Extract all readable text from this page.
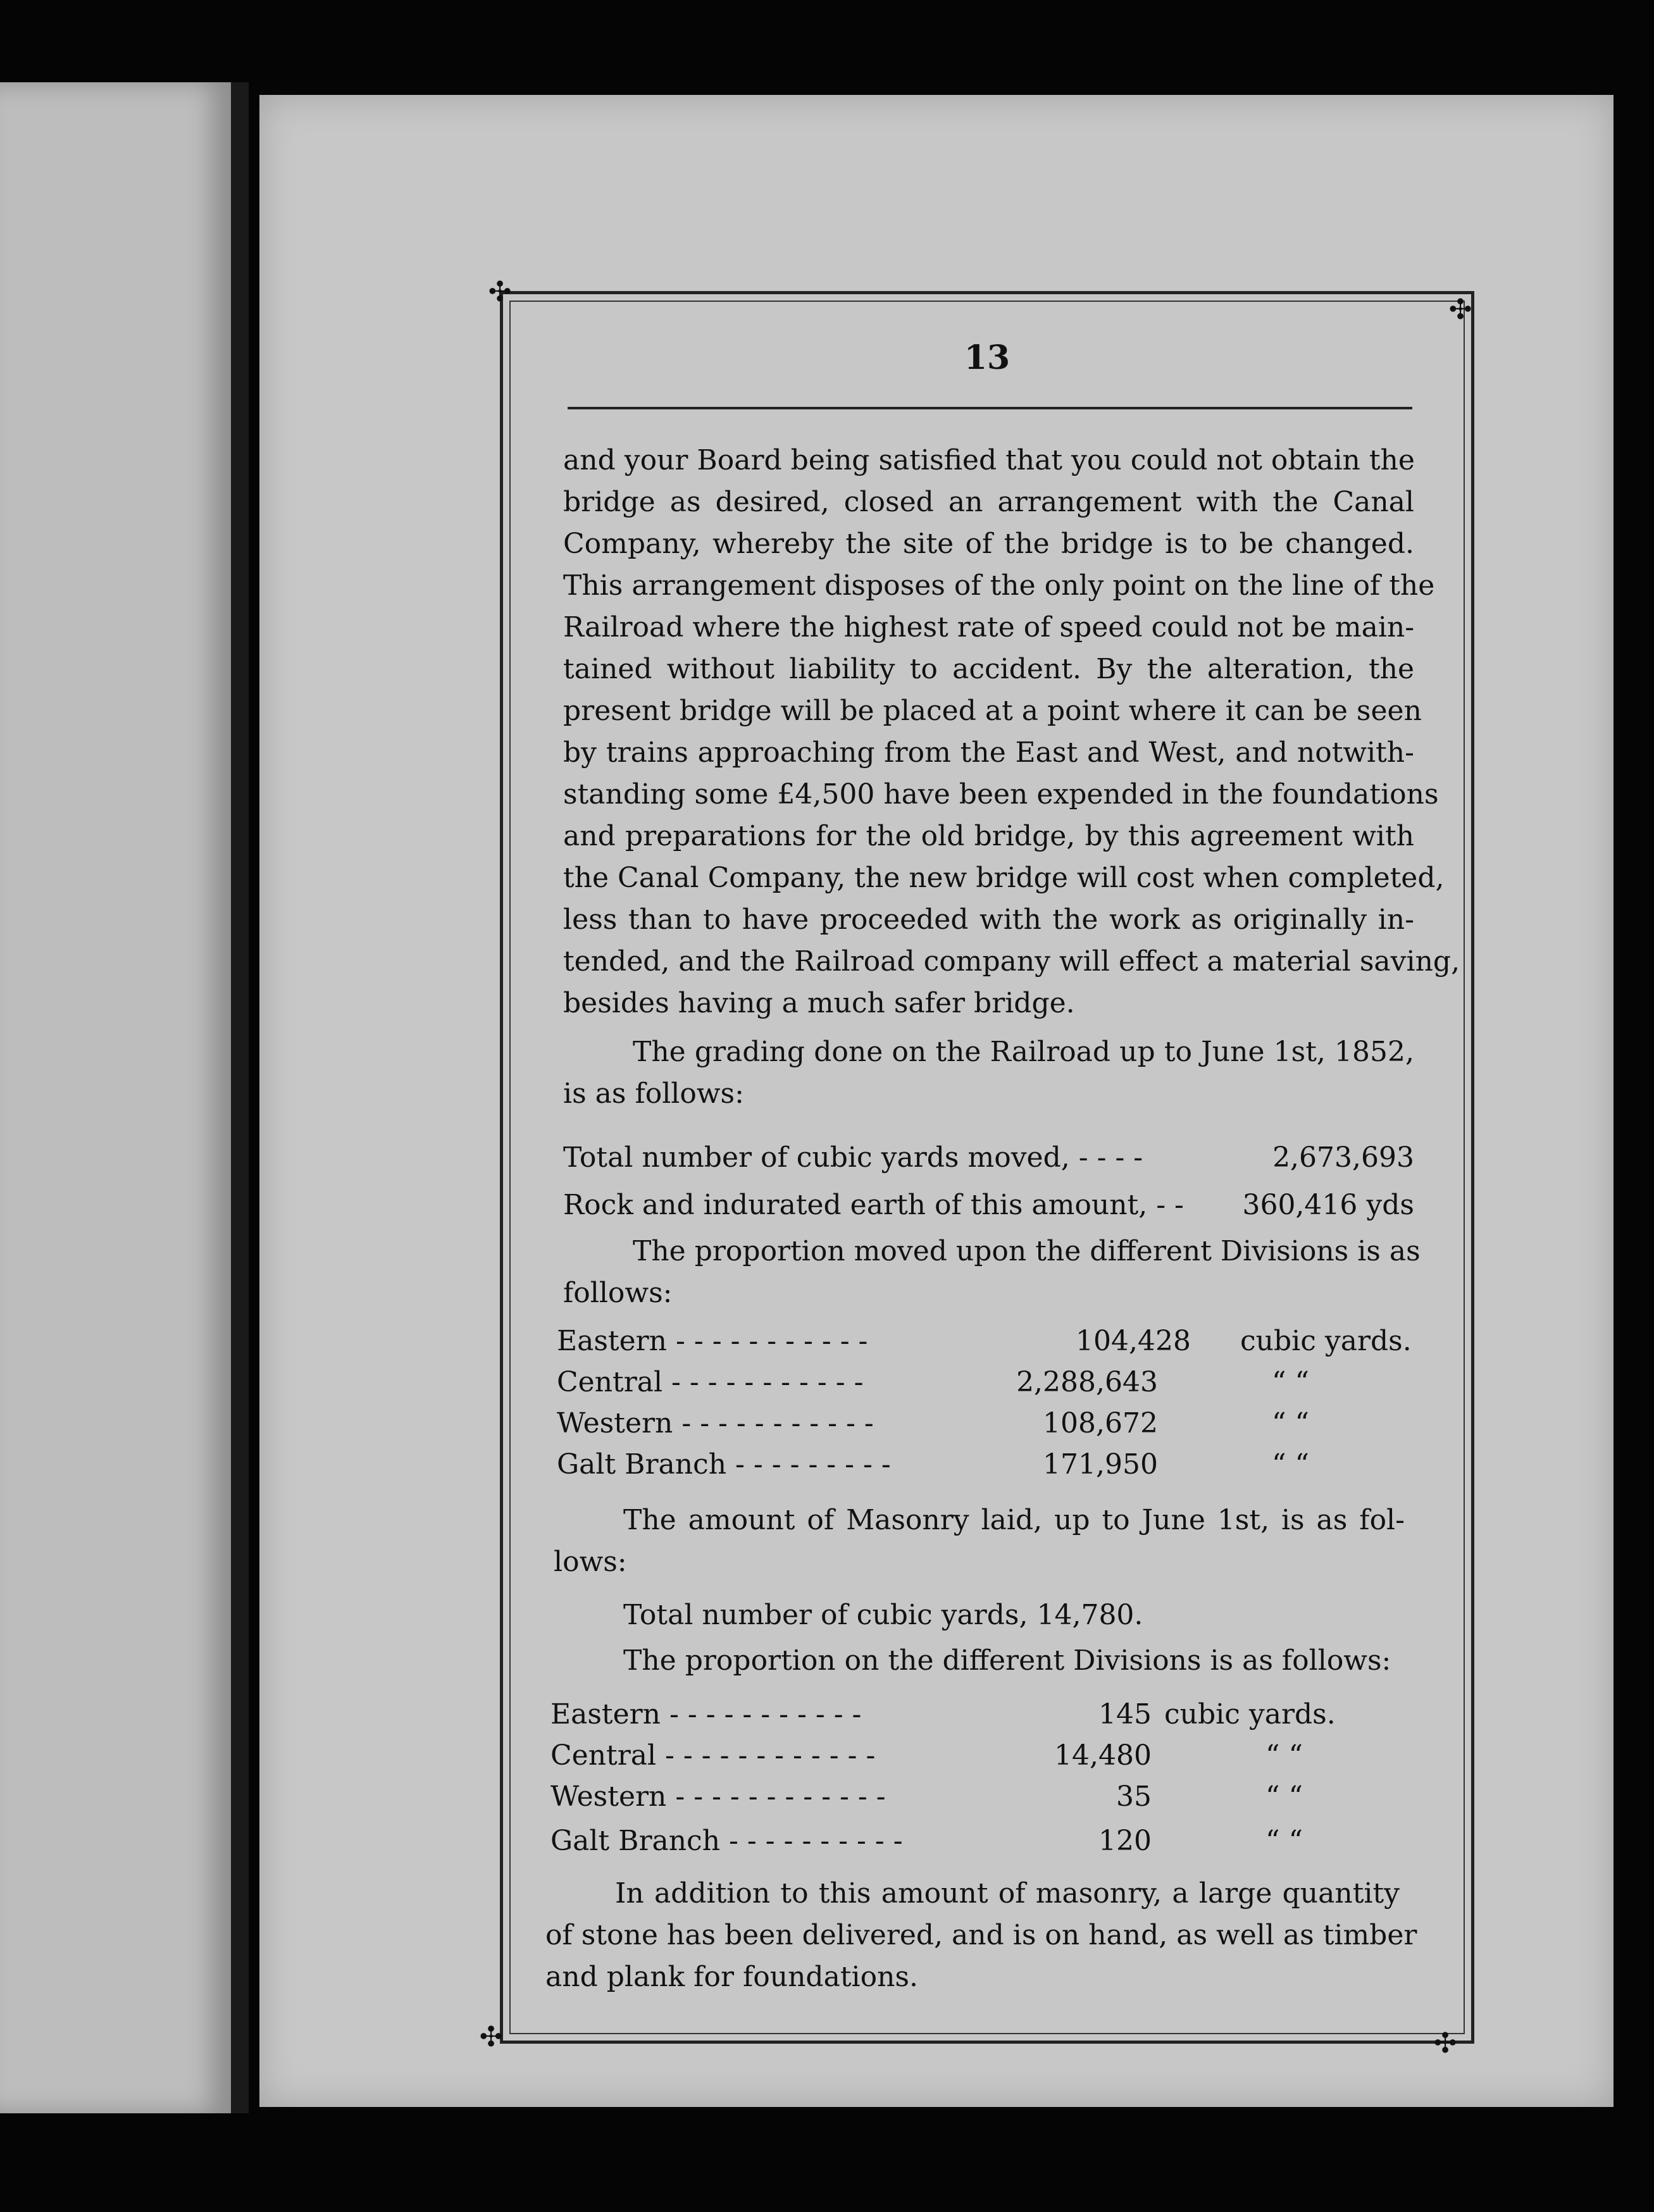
✣
✣
✣	✣
13
and your Board being satisfied that you could not obtain the
bridge as desired, closed an arrangement with the Canal
Company, whereby the site of the bridge is to be changed.
This arrangement disposes of the only point on the line of the
Railroad where the highest rate of speed could not be main-
tained without liability to accident. By the alteration, the
present bridge will be placed at a point where it can be seen
by trains approaching from the East and West, and notwith-
standing some £4,500 have been expended in the foundations
and preparations for the old bridge, by this agreement with
the Canal Company, the new bridge will cost when completed,
less than to have proceeded with the work as originally in-
tended, and the Railroad company will effect a material saving,
besides having a much safer bridge.
The grading done on the Railroad up to June 1st, 1852,
is as follows:
Total number of cubic yards moved, - - - -	2,673,693
Rock and indurated earth of this amount, - - 360,416 yds
The proportion moved upon the different Divisions is as
follows:
Eastern - - - - - - - - - - -	104,428 cubic yards.
Central - - - - - - - - - - -	2,288,643	“ “
Western - - - - - - - - - - -	108,672	“ “
Galt Branch - - - - - - - - -	171,950	“ “
The amount of Masonry laid, up to June 1st, is as fol-
lows:
Total number of cubic yards, 14,780.
The proportion on the different Divisions is as follows:
Eastern - - - - - - - - - - -	145 cubic yards.
Central - - - - - - - - - - - -	14,480	“ “
Western - - - - - - - - - - - -	35	“ “
Galt Branch - - - - - - - - - -	120	“ “
In addition to this amount of masonry, a large quantity
of stone has been delivered, and is on hand, as well as timber
and plank for foundations.
